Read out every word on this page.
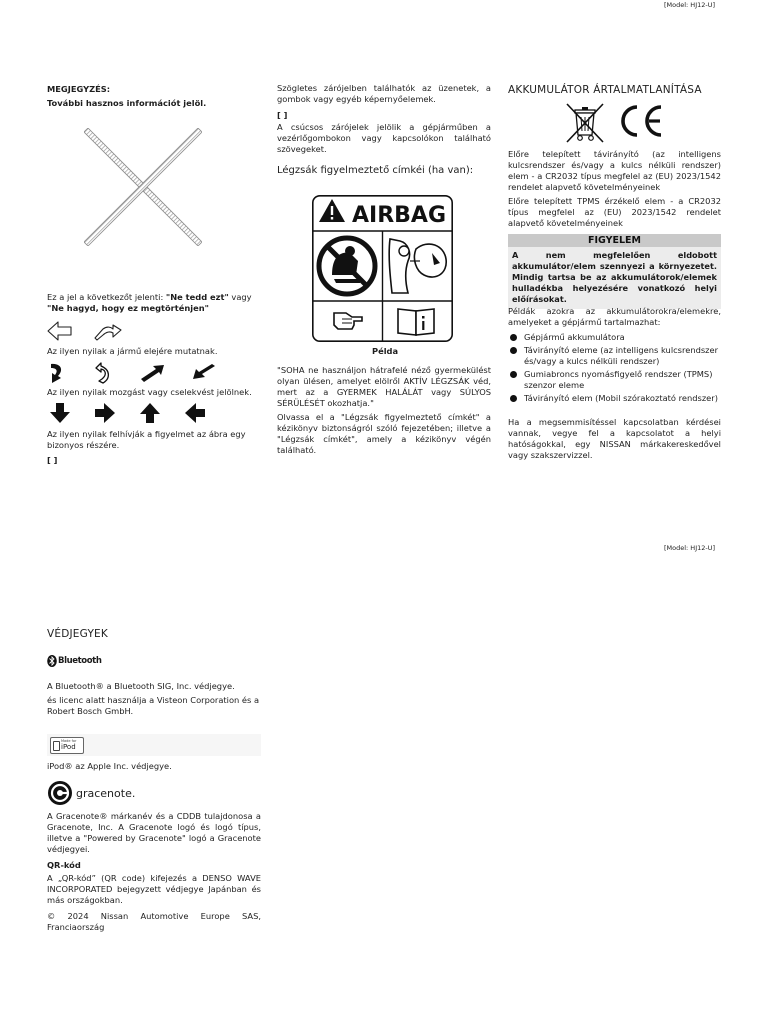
[Model: HJ12-U]
[Model: HJ12-U]
MEGJEGYZÉS:
További hasznos információt jelöl.
Ez a jel a következőt jelenti: "Ne tedd ezt" vagy
"Ne hagyd, hogy ez megtörténjen"
Az ilyen nyilak a jármű elejére mutatnak.
Az ilyen nyilak mozgást vagy cselekvést jelölnek.
Az ilyen nyilak felhívják a figyelmet az ábra egy bizonyos részére.
[ ]
Szögletes zárójelben találhatók az üzenetek, a gombok vagy egyéb képernyőelemek.
[ ]
A csúcsos zárójelek jelölik a gépjárműben a vezérlőgombokon vagy kapcsolókon található szövegeket.
Légzsák figyelmeztető címkéi (ha van):
AIRBAG
Példa
"SOHA ne használjon hátrafelé néző gyermekülést olyan ülésen, amelyet elölről AKTÍV LÉGZSÁK véd, mert az a GYERMEK HALÁLÁT vagy SÚLYOS SÉRÜLÉSÉT okozhatja."
Olvassa el a "Légzsák figyelmeztető címkét" a kézikönyv biztonságról szóló fejezetében; illetve a "Légzsák címkét", amely a kézikönyv végén található.
AKKUMULÁTOR ÁRTALMATLANÍTÁSA
Előre telepített távirányító (az intelligens kulcsrendszer és/vagy a kulcs nélküli rendszer) elem - a CR2032 típus megfelel az (EU) 2023/1542 rendelet alapvető követelményeinek
Előre telepített TPMS érzékelő elem - a CR2032 típus megfelel az (EU) 2023/1542 rendelet alapvető követelményeinek
FIGYELEM
A nem megfelelően eldobott akkumulátor/elem szennyezi a környezetet. Mindig tartsa be az akkumulátorok/elemek hulladékba helyezésére vonatkozó helyi előírásokat.
Példák azokra az akkumulátorokra/elemekre, amelyeket a gépjármű tartalmazhat:
Gépjármű akkumulátora
Távirányító eleme (az intelligens kulcsrendszer és/vagy a kulcs nélküli rendszer)
Gumiabroncs nyomásfigyelő rendszer (TPMS) szenzor eleme
Távirányító elem (Mobil szórakoztató rendszer)
Ha a megsemmisítéssel kapcsolatban kérdései vannak, vegye fel a kapcsolatot a helyi hatóságokkal, egy NISSAN márkakereskedővel vagy szakszervizzel.
VÉDJEGYEK
Bluetooth
A Bluetooth® a Bluetooth SIG, Inc. védjegye.
és licenc alatt használja a Visteon Corporation és a Robert Bosch GmbH.
Made for
iPod
iPod® az Apple Inc. védjegye.
gracenote.
A Gracenote® márkanév és a CDDB tulajdonosa a Gracenote, Inc. A Gracenote logó és logó típus, illetve a "Powered by Gracenote" logó a Gracenote védjegyei.
QR-kód
A „QR-kód” (QR code) kifejezés a DENSO WAVE INCORPORATED bejegyzett védjegye Japánban és más országokban.
© 2024 Nissan Automotive Europe SAS, Franciaország
